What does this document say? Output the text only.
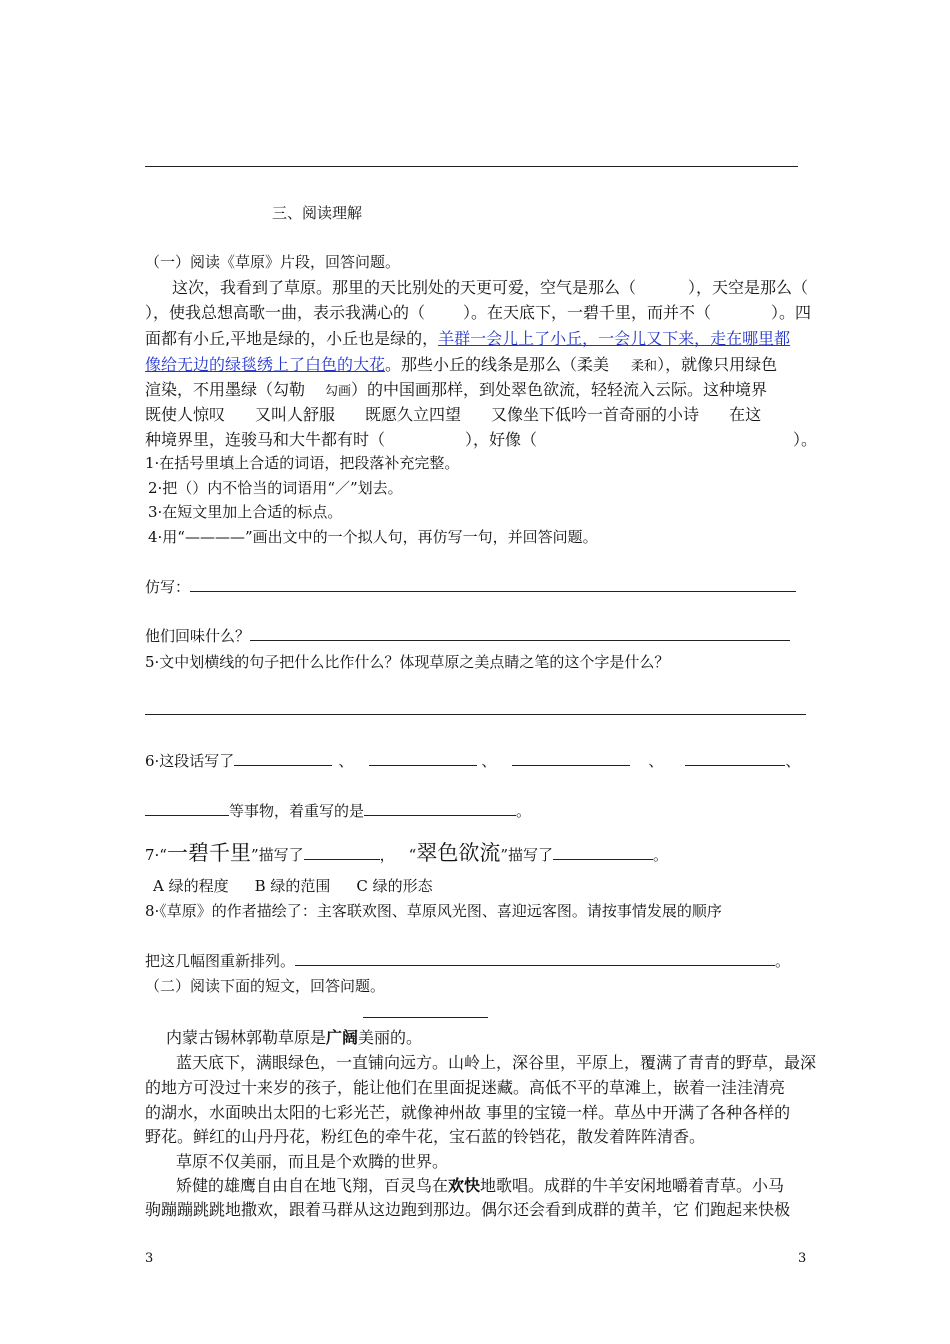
三、阅读理解
（一）阅读《草原》片段，回答问题。
这次，我看到了草原。那里的天比别处的天更可爱，空气是那么（	），天空是那么（
），使我总想高歌一曲，表示我满心的（ ）。在天底下，一碧千里，而并不（	）。四
面都有小丘,平地是绿的，小丘也是绿的，羊群一会儿上了小丘，一会儿又下来，走在哪里都
像给无边的绿毯绣上了白色的大花。那些小丘的线条是那么（柔美 柔和），就像只用绿色
渲染，不用墨绿（勾勒 勾画）的中国画那样，到处翠色欲流，轻轻流入云际。这种境界
既使人惊叹 又叫人舒服 既愿久立四望 又像坐下低吟一首奇丽的小诗 在这
种境界里，连骏马和大牛都有时（	），好像（	）。
1·在括号里填上合适的词语，把段落补充完整。
2·把（）内不恰当的词语用“／”划去。
3·在短文里加上合适的标点。
4·用“————”画出文中的一个拟人句，再仿写一句，并回答问题。
仿写：
他们回味什么？
5·文中划横线的句子把什么比作什么？体现草原之美点睛之笔的这个字是什么？
6·这段话写了	、	、	、	、
等事物，着重写的是	。
7·“一碧千里”描写了	， “翠色欲流”描写了	。
A 绿的程度 B 绿的范围 C 绿的形态
8·《草原》的作者描绘了：主客联欢图、草原风光图、喜迎远客图。请按事情发展的顺序
把这几幅图重新排列。	。
（二）阅读下面的短文，回答问题。
内蒙古锡林郭勒草原是广阔美丽的。
蓝天底下，满眼绿色，一直铺向远方。山岭上，深谷里，平原上，覆满了青青的野草，最深
的地方可没过十来岁的孩子，能让他们在里面捉迷藏。高低不平的草滩上，嵌着一洼洼清亮
的湖水，水面映出太阳的七彩光芒，就像神州故 事里的宝镜一样。草丛中开满了各种各样的
野花。鲜红的山丹丹花，粉红色的牵牛花，宝石蓝的铃铛花，散发着阵阵清香。
草原不仅美丽，而且是个欢腾的世界。
矫健的雄鹰自由自在地飞翔，百灵鸟在欢快地歌唱。成群的牛羊安闲地嚼着青草。小马
驹蹦蹦跳跳地撒欢，跟着马群从这边跑到那边。偶尔还会看到成群的黄羊，它 们跑起来快极
3	3
